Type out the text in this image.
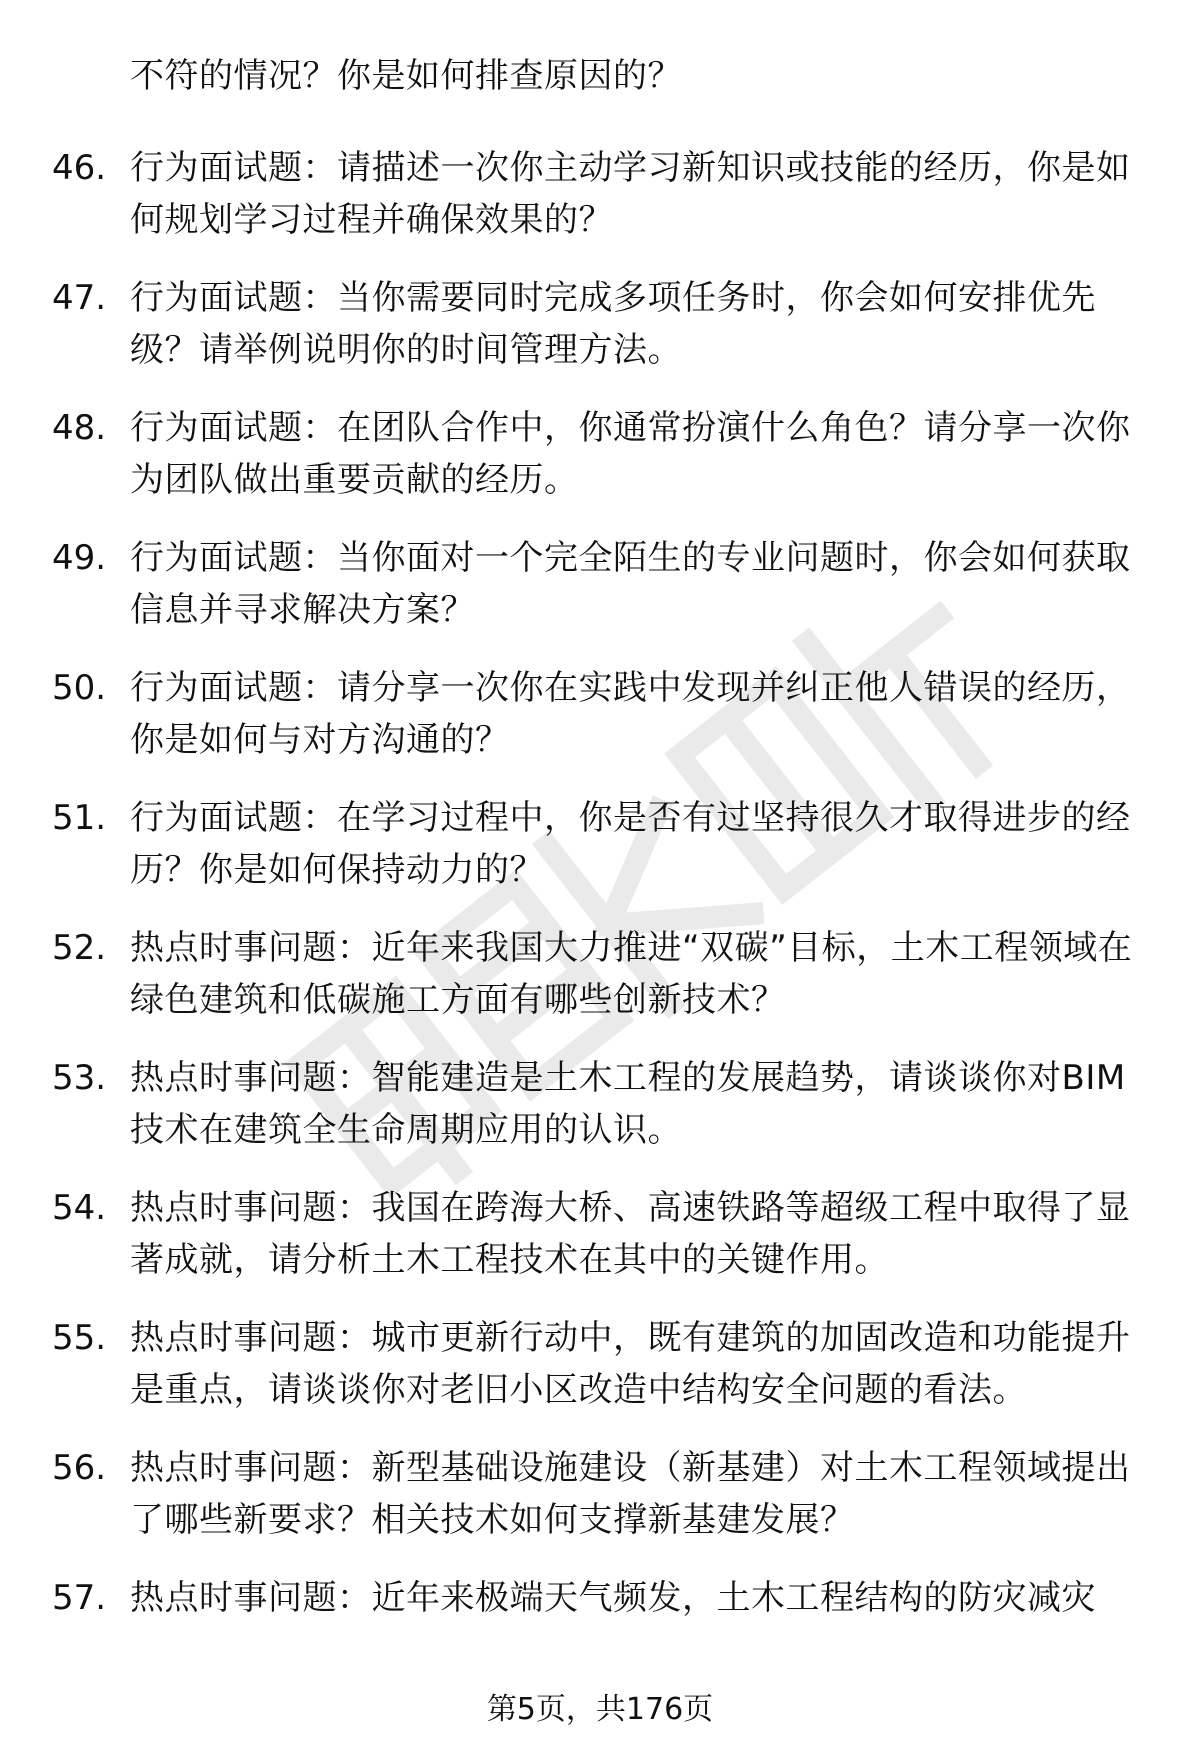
不符的情况？你是如何排查原因的？
46. 行为面试题：请描述一次你主动学习新知识或技能的经历，你是如何规划学习过程并确保效果的？
47. 行为面试题：当你需要同时完成多项任务时，你会如何安排优先级？请举例说明你的时间管理方法。
48. 行为面试题：在团队合作中，你通常扮演什么角色？请分享一次你为团队做出重要贡献的经历。
49. 行为面试题：当你面对一个完全陌生的专业问题时，你会如何获取信息并寻求解决方案？
50. 行为面试题：请分享一次你在实践中发现并纠正他人错误的经历，你是如何与对方沟通的？
51. 行为面试题：在学习过程中，你是否有过坚持很久才取得进步的经历？你是如何保持动力的？
52. 热点时事问题：近年来我国大力推进“双碳”目标，土木工程领域在绿色建筑和低碳施工方面有哪些创新技术？
53. 热点时事问题：智能建造是土木工程的发展趋势，请谈谈你对BIM技术在建筑全生命周期应用的认识。
54. 热点时事问题：我国在跨海大桥、高速铁路等超级工程中取得了显著成就，请分析土木工程技术在其中的关键作用。
55. 热点时事问题：城市更新行动中，既有建筑的加固改造和功能提升是重点，请谈谈你对老旧小区改造中结构安全问题的看法。
56. 热点时事问题：新型基础设施建设（新基建）对土木工程领域提出了哪些新要求？相关技术如何支撑新基建发展？
57. 热点时事问题：近年来极端天气频发，土木工程结构的防灾减灾
第5页，共176页
